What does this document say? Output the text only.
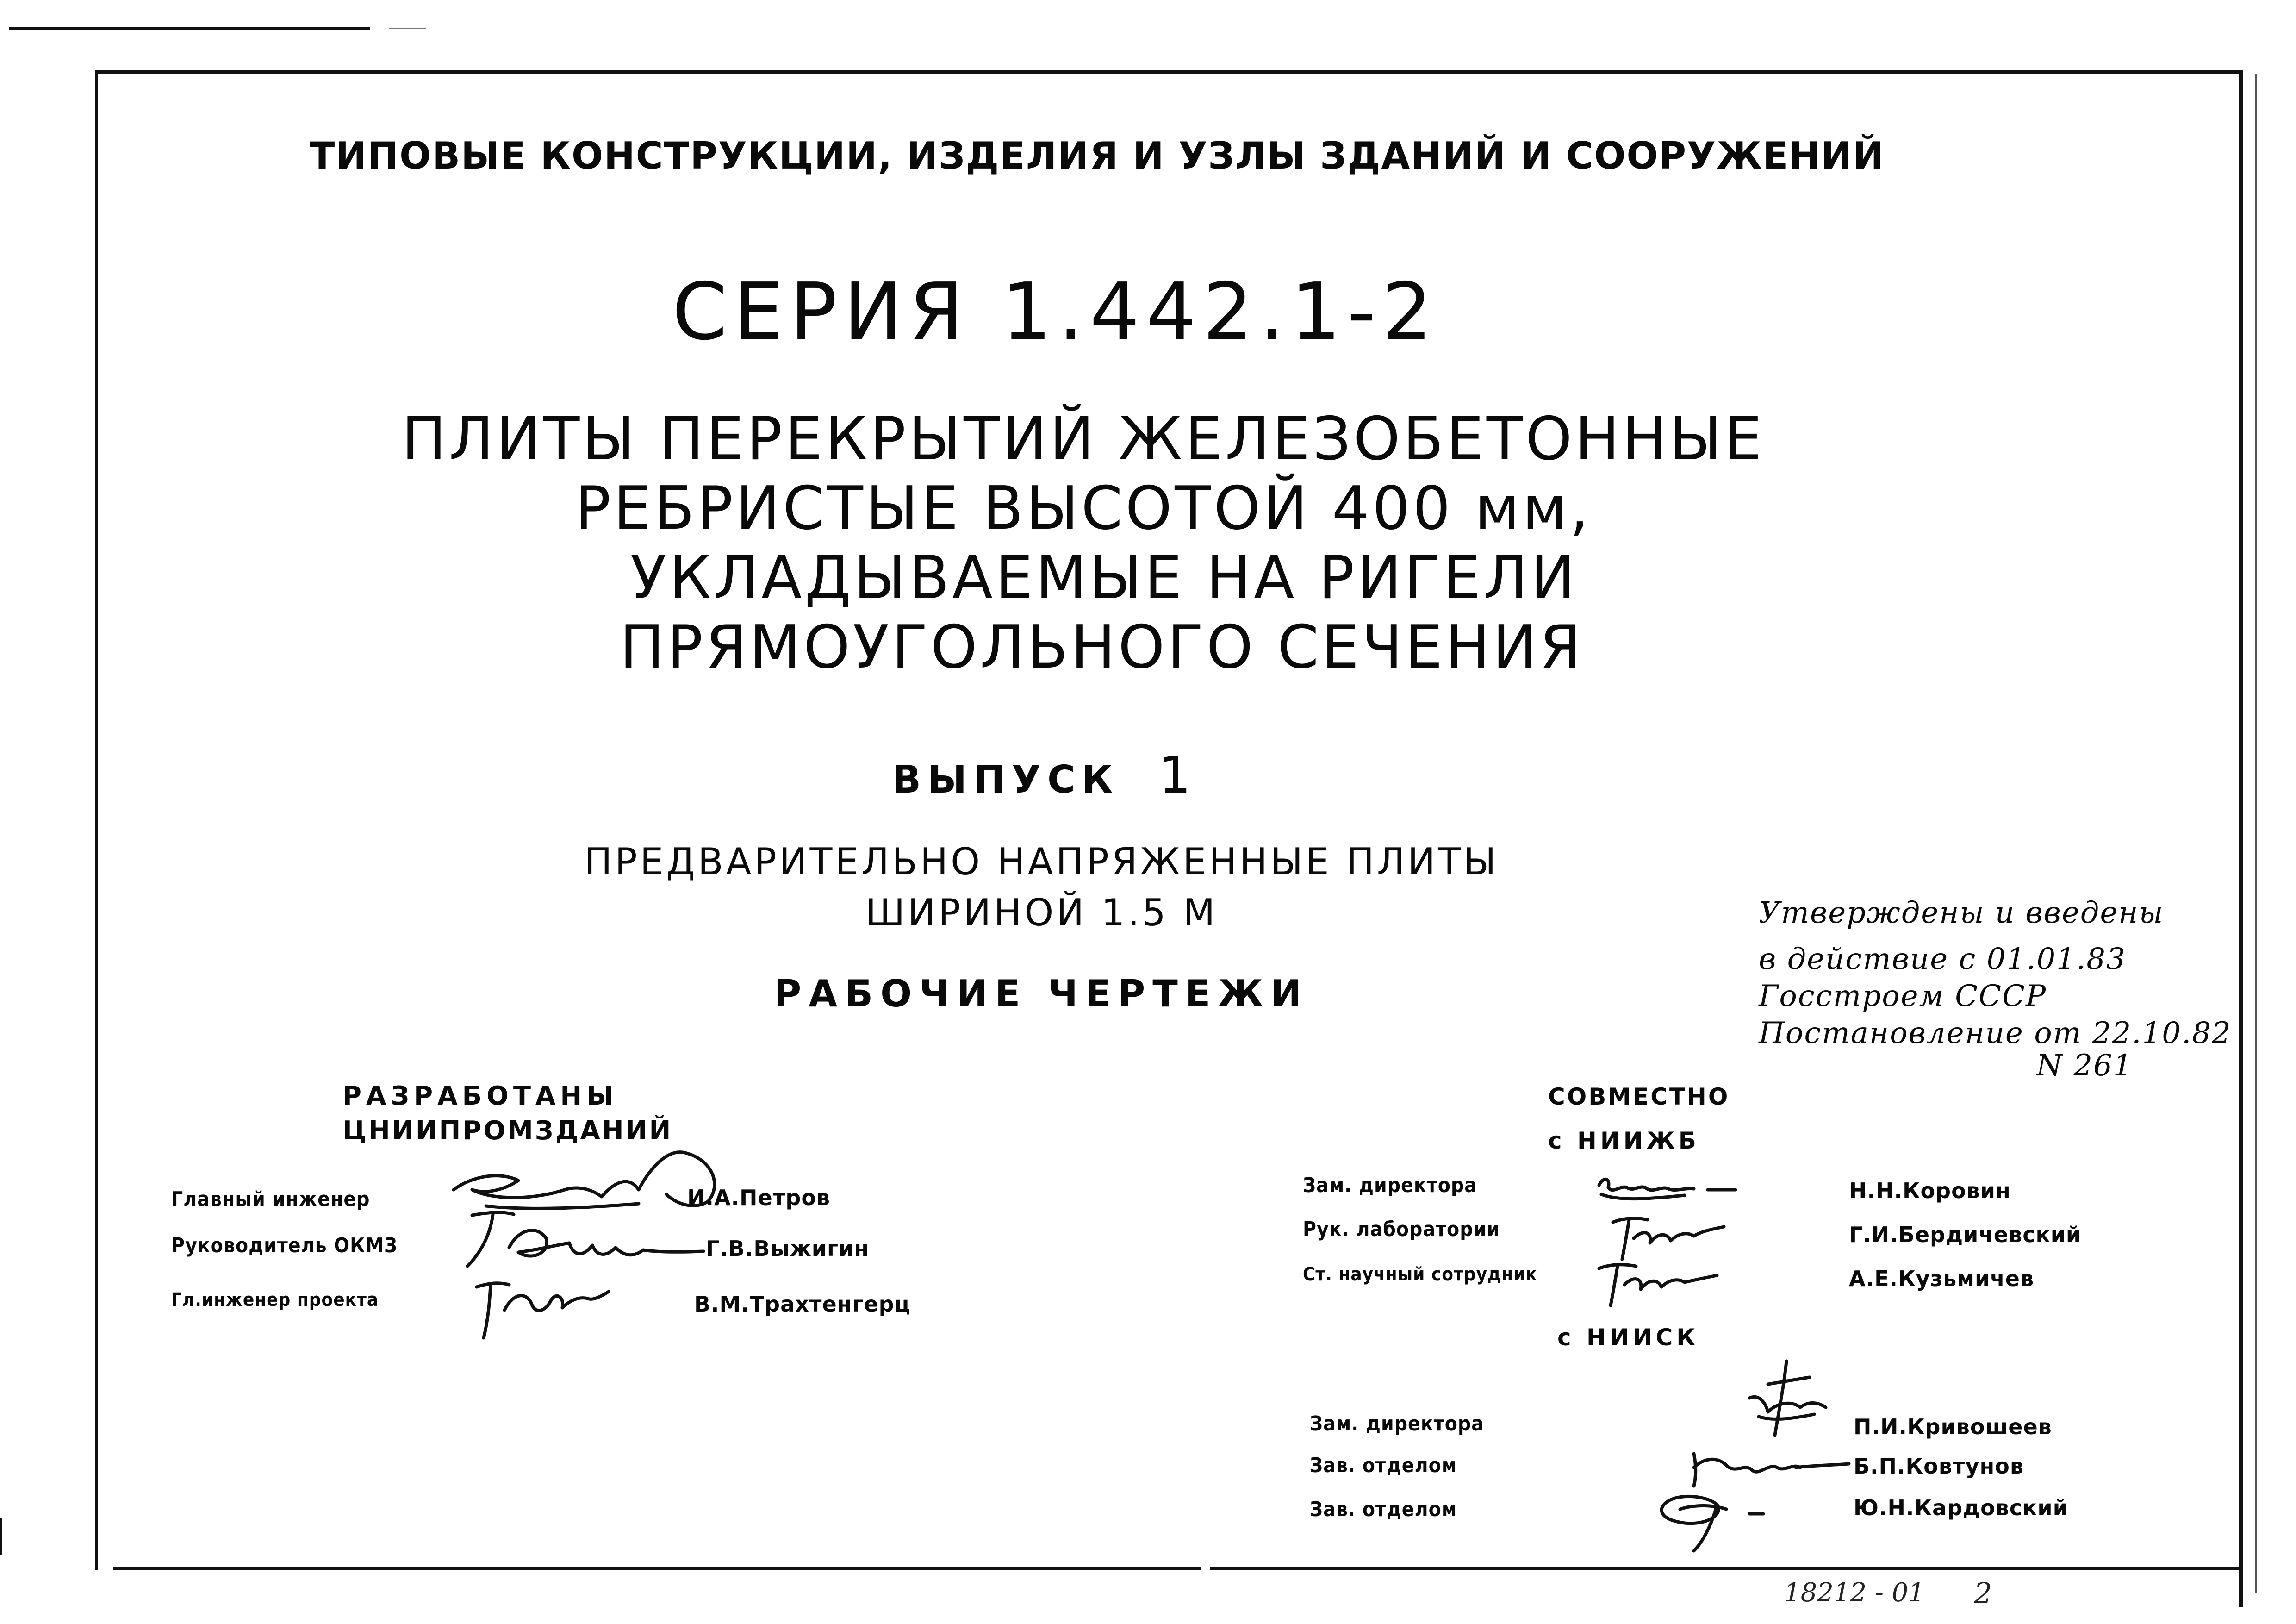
ТИПОВЫЕ КОНСТРУКЦИИ, ИЗДЕЛИЯ И УЗЛЫ ЗДАНИЙ И СООРУЖЕНИЙ
СЕРИЯ 1.442.1-2
ПЛИТЫ ПЕРЕКРЫТИЙ ЖЕЛЕЗОБЕТОННЫЕ
РЕБРИСТЫЕ ВЫСОТОЙ 400 мм,
УКЛАДЫВАЕМЫЕ НА РИГЕЛИ
ПРЯМОУГОЛЬНОГО СЕЧЕНИЯ
ВЫПУСК 1
ПРЕДВАРИТЕЛЬНО НАПРЯЖЕННЫЕ ПЛИТЫ
ШИРИНОЙ 1.5 М
РАБОЧИЕ ЧЕРТЕЖИ
Утверждены и введены
в действие с 01.01.83
Госстроем СССР
Постановление от 22.10.82
N 261
РАЗРАБОТАНЫ
ЦНИИПРОМЗДАНИЙ
Главный инженер
Руководитель ОКМЗ
Гл.инженер проекта
И.А.Петров
Г.В.Выжигин
В.М.Трахтенгерц
СОВМЕСТНО
с НИИЖБ
Зам. директора
Рук. лаборатории
Ст. научный сотрудник
Н.Н.Коровин
Г.И.Бердичевский
А.Е.Кузьмичев
с НИИСК
Зам. директора
Зав. отделом
Зав. отделом
П.И.Кривошеев
Б.П.Ковтунов
Ю.Н.Кардовский
18212 - 01 2
